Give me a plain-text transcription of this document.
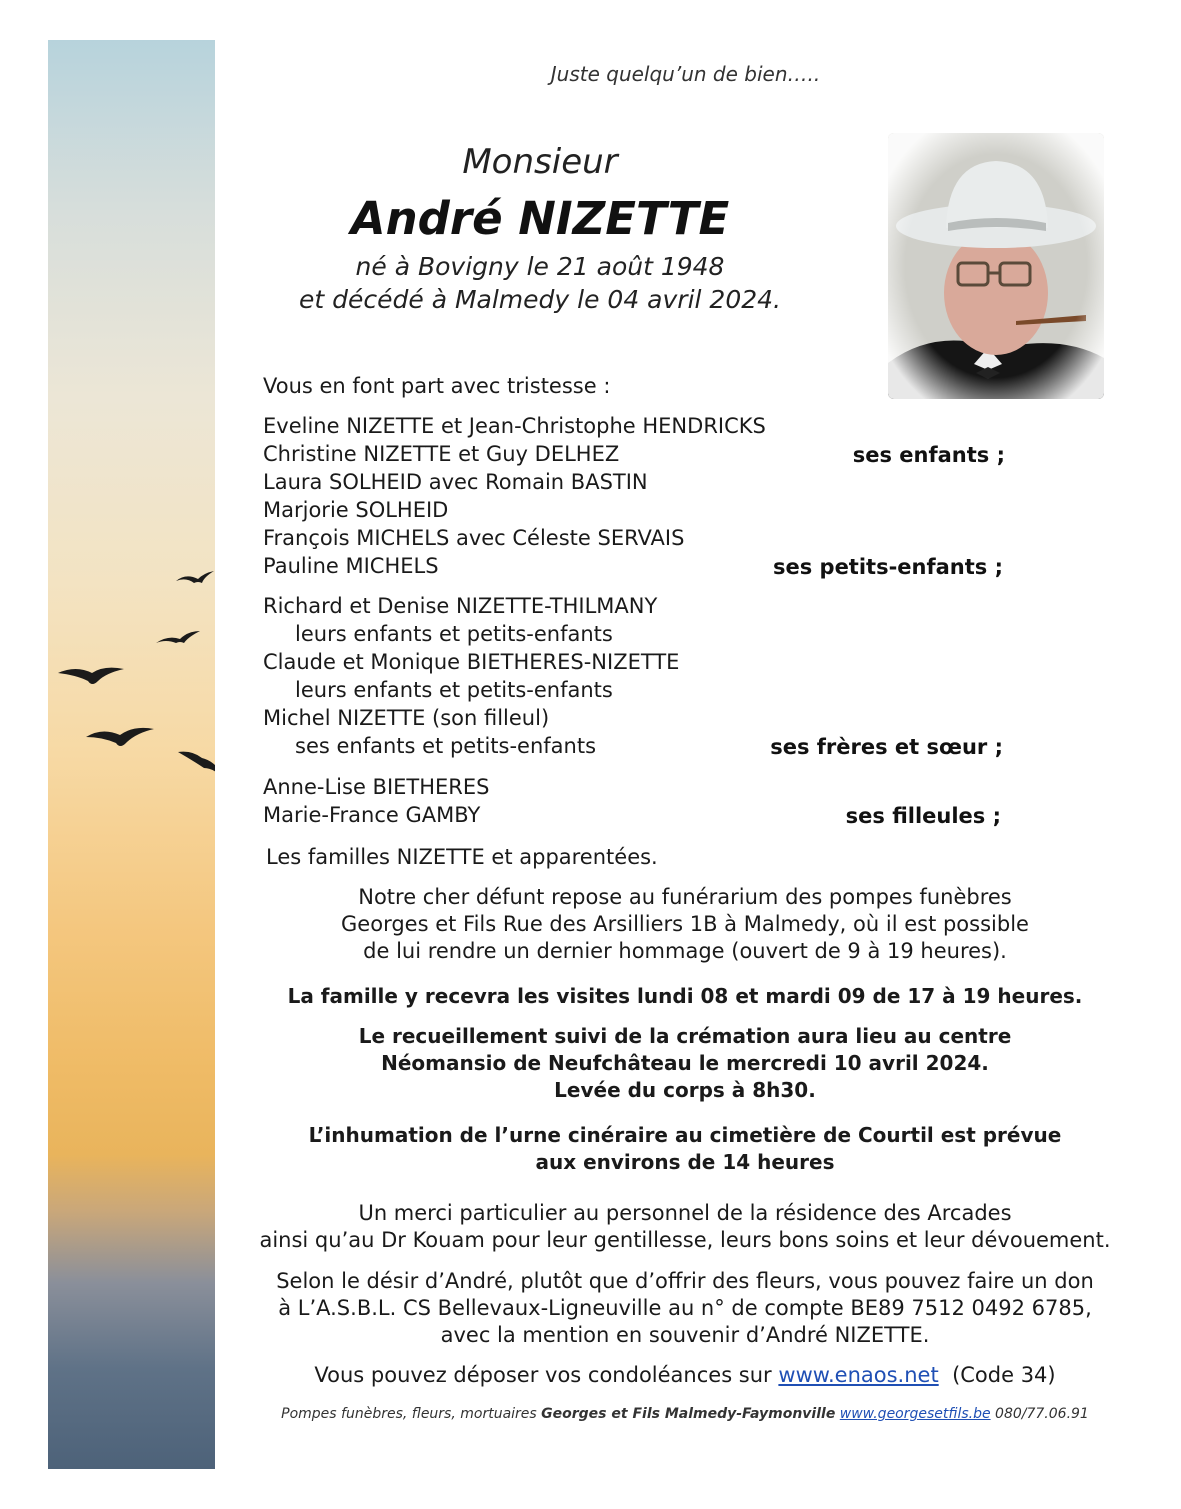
Juste quelqu’un de bien…..
Monsieur
André NIZETTE
né à Bovigny le 21 août 1948
et décédé à Malmedy le 04 avril 2024.
Vous en font part avec tristesse :
Eveline NIZETTE et Jean-Christophe HENDRICKS
Christine NIZETTE et Guy DELHEZ	ses enfants ;
Laura SOLHEID avec Romain BASTIN
Marjorie SOLHEID
François MICHELS avec Céleste SERVAIS
Pauline MICHELS	ses petits-enfants ;
Richard et Denise NIZETTE-THILMANY
leurs enfants et petits-enfants
Claude et Monique BIETHERES-NIZETTE
leurs enfants et petits-enfants
Michel NIZETTE (son filleul)
ses enfants et petits-enfants	ses frères et sœur ;
Anne-Lise BIETHERES
Marie-France GAMBY	ses filleules ;
Les familles NIZETTE et apparentées.
Notre cher défunt repose au funérarium des pompes funèbres
Georges et Fils Rue des Arsilliers 1B à Malmedy, où il est possible
de lui rendre un dernier hommage (ouvert de 9 à 19 heures).
La famille y recevra les visites lundi 08 et mardi 09 de 17 à 19 heures.
Le recueillement suivi de la crémation aura lieu au centre
Néomansio de Neufchâteau le mercredi 10 avril 2024.
Levée du corps à 8h30.
L’inhumation de l’urne cinéraire au cimetière de Courtil est prévue
aux environs de 14 heures
Un merci particulier au personnel de la résidence des Arcades
ainsi qu’au Dr Kouam pour leur gentillesse, leurs bons soins et leur dévouement.
Selon le désir d’André, plutôt que d’offrir des fleurs, vous pouvez faire un don
à L’A.S.B.L. CS Bellevaux-Ligneuville au n° de compte BE89 7512 0492 6785,
avec la mention en souvenir d’André NIZETTE.
Vous pouvez déposer vos condoléances sur www.enaos.net (Code 34)
Pompes funèbres, fleurs, mortuaires Georges et Fils Malmedy-Faymonville www.georgesetfils.be 080/77.06.91
